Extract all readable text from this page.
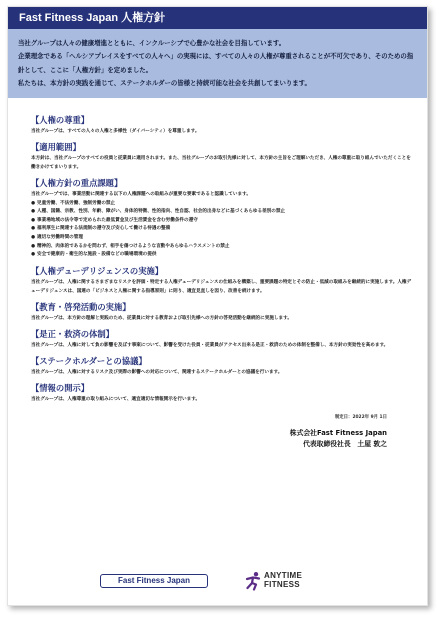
Fast Fitness Japan 人権方針

当社グループは人々の健康増進とともに、インクルーシブで心豊かな社会を目指しています。

企業理念である「ヘルシアプレイスをすべての人々へ」の実現には、すべての人々の人権が尊重されることが不可欠であり、そのための指針として、ここに「人権方針」を定めました。

私たちは、本方針の実践を通じて、ステークホルダーの皆様と持続可能な社会を共創してまいります。

【人権の尊重】
当社グループは、すべての人々の人権と多様性（ダイバーシティ）を尊重します。
【適用範囲】
本方針は、当社グループのすべての役員と従業員に適用されます。また、当社グループのお取引先様に対して、本方針の主旨をご理解いただき、人権の尊重に取り組んでいただくことを働きかけてまいります。
【人権方針の重点課題】
当社グループでは、事業活動に関連する以下の人権課題への取組みが重要な要素であると認識しています。
● 児童労働、不法労働、強制労働の禁止
● 人種、国籍、宗教、性別、年齢、障がい、身体的特徴、性的指向、性自認、社会的出身などに基づくあらゆる差別の禁止
● 事業場地域の法令等で定められた最低賃金及び生活賃金を含む労働条件の遵守
● 福利厚生に関連する法規制の遵守及び安心して働ける待遇の整備
● 適切な労働時間の管理
● 精神的、肉体的であるかを問わず、相手を傷つけるような言動やあらゆるハラスメントの禁止
● 安全で健康的・衛生的な施設・設備などの職場環境の提供
【人権デューデリジェンスの実施】
当社グループは、人権に関するさまざまなリスクを評価・特定する人権デューデリジェンスの仕組みを構築し、重要課題の特定とその防止・低減の取組みを継続的に実施します。人権デューデリジェンスは、国連の「ビジネスと人権に関する指導原則」に則り、適宜見直しを図り、改善を続けます。
【教育・啓発活動の実施】
当社グループは、本方針の理解と実践のため、従業員に対する教育および取引先様への方針の啓発活動を継続的に実施します。
【是正・救済の体制】
当社グループは、人権に対して負の影響を及ぼす事案について、影響を受けた役員・従業員がアクセス出来る是正・救済のための体制を整備し、本方針の実効性を高めます。
【ステークホルダーとの協議】
当社グループは、人権に対するリスク及び実際の影響への対応について、関連するステークホルダーとの協議を行います。
【情報の開示】
当社グループは、人権尊重の取り組みについて、適宜適切な情報開示を行います。
制定日：2022年 9月 1日
株式会社Fast Fitness Japan
代表取締役社長　土屋 敦之
Fast Fitness Japan
ANYTIME
FITNESS
